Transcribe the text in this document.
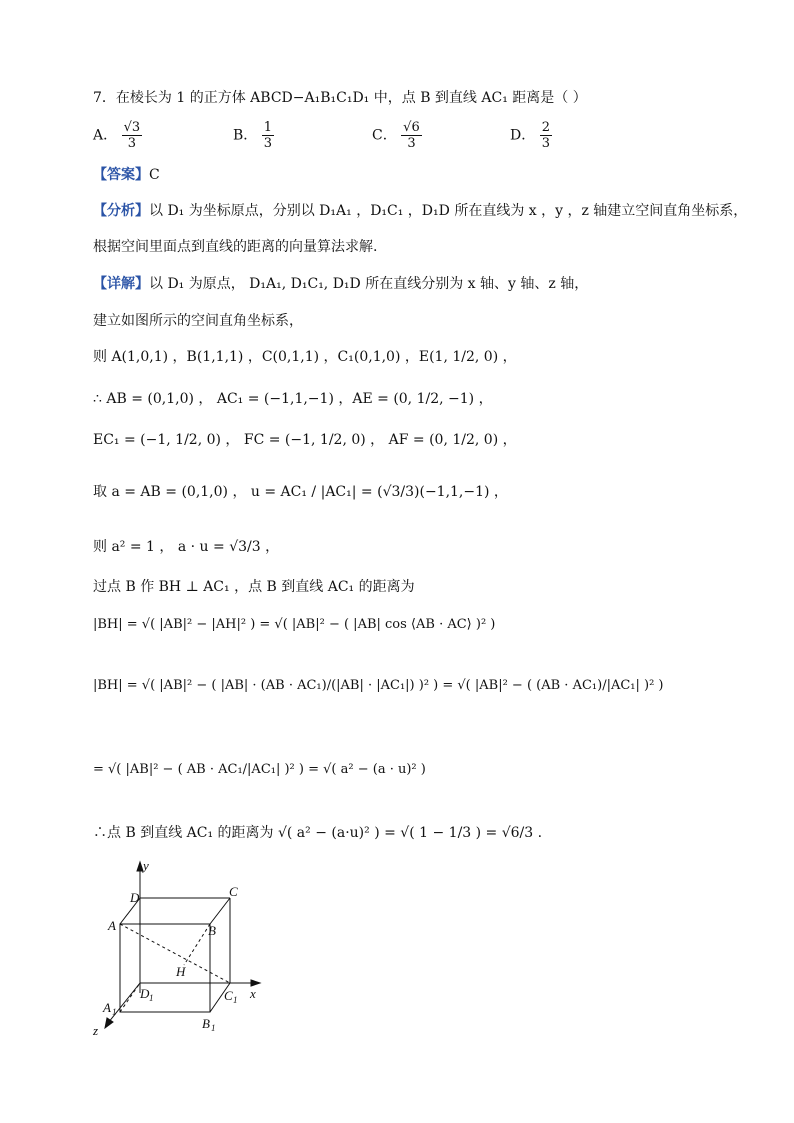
7．在棱长为 1 的正方体 ABCD−A₁B₁C₁D₁ 中，点 B 到直线 AC₁ 距离是（ ）
A． $\frac{√3}{3}$	B． $\frac{1}{3}$	C． $\frac{√6}{3}$	D． $\frac{2}{3}$
【答案】C
【分析】以 D₁ 为坐标原点，分别以 D₁A₁ ，D₁C₁ ，D₁D 所在直线为 x ，y ，z 轴建立空间直角坐标系，
根据空间里面点到直线的距离的向量算法求解.
【详解】以 D₁ 为原点， D₁A₁, D₁C₁, D₁D 所在直线分别为 x 轴、y 轴、z 轴，
建立如图所示的空间直角坐标系，
则 A(1,0,1) ，B(1,1,1) ，C(0,1,1) ，C₁(0,1,0) ，E(1, 1/2, 0) ，
∴ AB = (0,1,0) ， AC₁ = (−1,1,−1) ，AE = (0, 1/2, −1) ，
EC₁ = (−1, 1/2, 0) ， FC = (−1, 1/2, 0) ， AF = (0, 1/2, 0) ，
取 a = AB = (0,1,0) ， u = AC₁ / |AC₁| = (√3/3)(−1,1,−1) ，
则 a² = 1 ， a · u = √3/3 ，
过点 B 作 BH ⊥ AC₁ ，点 B 到直线 AC₁ 的距离为
|BH| = √( |AB|² − |AH|² ) = √( |AB|² − ( |AB| cos ⟨AB · AC⟩ )² )
|BH| = √( |AB|² − ( |AB| · (AB · AC₁)/(|AB| · |AC₁|) )² ) = √( |AB|² − ( (AB · AC₁)/|AC₁| )² )
= √( |AB|² − ( AB · AC₁/|AC₁| )² ) = √( a² − (a · u)² )
∴点 B 到直线 AC₁ 的距离为 √( a² − (a·u)² ) = √( 1 − 1/3 ) = √6/3 .
y
x
z
D	C
A	B
H
D 1	C 1
A 1
B 1
